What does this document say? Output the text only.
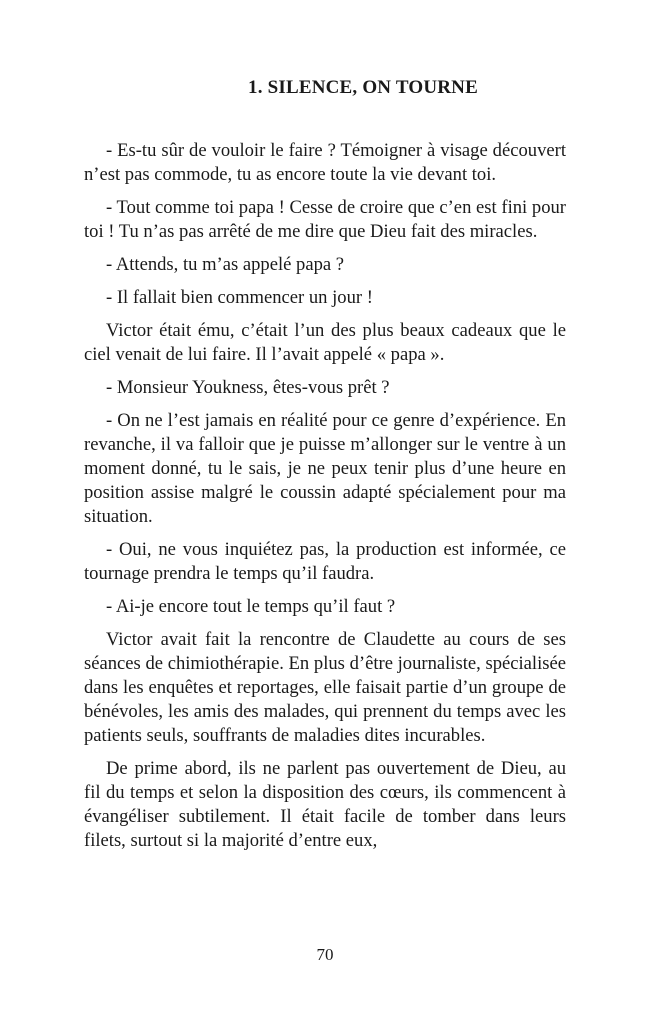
1. SILENCE, ON TOURNE

- Es-tu sûr de vouloir le faire ? Témoigner à visage découvert n’est pas commode, tu as encore toute la vie devant toi.

- Tout comme toi papa ! Cesse de croire que c’en est fini pour toi ! Tu n’as pas arrêté de me dire que Dieu fait des miracles.

- Attends, tu m’as appelé papa ?

- Il fallait bien commencer un jour !

Victor était ému, c’était l’un des plus beaux cadeaux que le ciel venait de lui faire. Il l’avait appelé « papa ».

- Monsieur Youkness, êtes-vous prêt ?

- On ne l’est jamais en réalité pour ce genre d’expérience. En revanche, il va falloir que je puisse m’allonger sur le ventre à un moment donné, tu le sais, je ne peux tenir plus d’une heure en position assise malgré le coussin adapté spécialement pour ma situation.

- Oui, ne vous inquiétez pas, la production est informée, ce tournage prendra le temps qu’il faudra.

- Ai-je encore tout le temps qu’il faut ?

Victor avait fait la rencontre de Claudette au cours de ses séances de chimiothérapie. En plus d’être journaliste, spécialisée dans les enquêtes et reportages, elle faisait partie d’un groupe de bénévoles, les amis des malades, qui prennent du temps avec les patients seuls, souffrants de maladies dites incurables.

De prime abord, ils ne parlent pas ouvertement de Dieu, au fil du temps et selon la disposition des cœurs, ils commencent à évangéliser subtilement. Il était facile de tomber dans leurs filets, surtout si la majorité d’entre eux,

70
